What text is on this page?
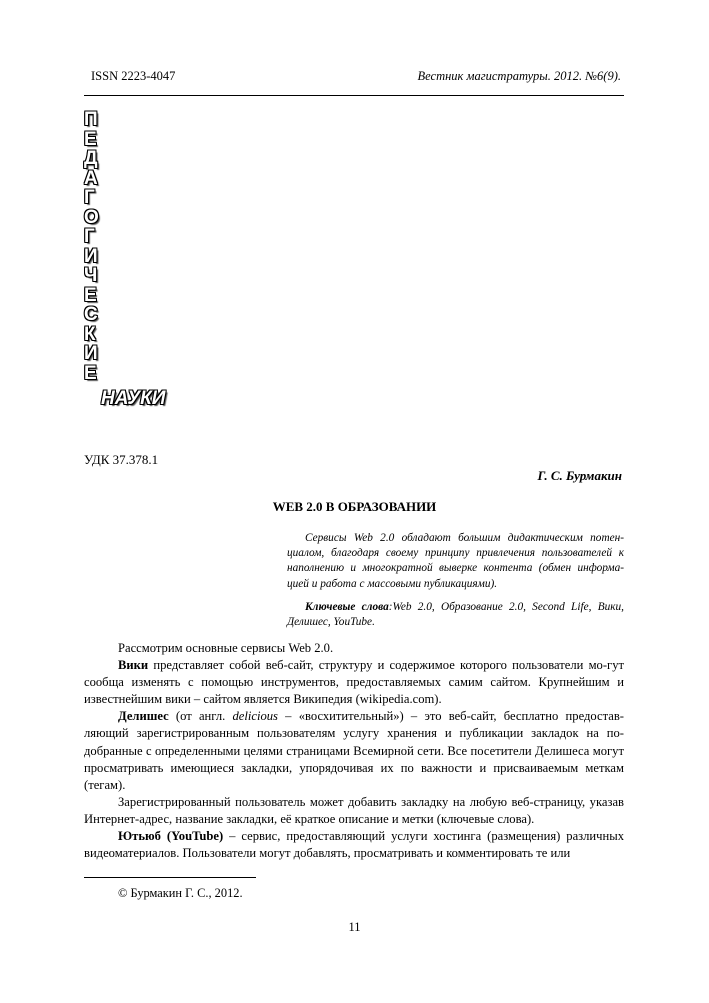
ISSN 2223-4047	Вестник магистратуры. 2012. №6(9).
П
Е
Д
А
Г
О
Г
И
Ч
Е
С
К
И
Е
НАУКИ
УДК 37.378.1
Г. С. Бурмакин
WEB 2.0 В ОБРАЗОВАНИИ

Сервисы Web 2.0 обладают большим дидактическим потен-циалом, благодаря своему принципу привлечения пользователей к наполнению и многократной выверке контента (обмен информа-цией и работа с массовыми публикациями).

Ключевые слова:Web 2.0, Образование 2.0, Second Life, Вики, Делишес, YouTube.

Рассмотрим основные сервисы Web 2.0.

Вики представляет собой веб-сайт, структуру и содержимое которого пользователи мо-гут сообща изменять с помощью инструментов, предоставляемых самим сайтом. Крупнейшим и известнейшим вики – сайтом является Википедия (wikipedia.com).

Делишес (от англ. delicious – «восхитительный») – это веб-сайт, бесплатно предостав-ляющий зарегистрированным пользователям услугу хранения и публикации закладок на по-добранные с определенными целями страницами Всемирной сети. Все посетители Делишеса могут просматривать имеющиеся закладки, упорядочивая их по важности и присваиваемым меткам (тегам).

Зарегистрированный пользователь может добавить закладку на любую веб-страницу, указав Интернет-адрес, название закладки, её краткое описание и метки (ключевые слова).

Ютьюб (YouTube) – сервис, предоставляющий услуги хостинга (размещения) различных видеоматериалов. Пользователи могут добавлять, просматривать и комментировать те или

© Бурмакин Г. С., 2012.
11
